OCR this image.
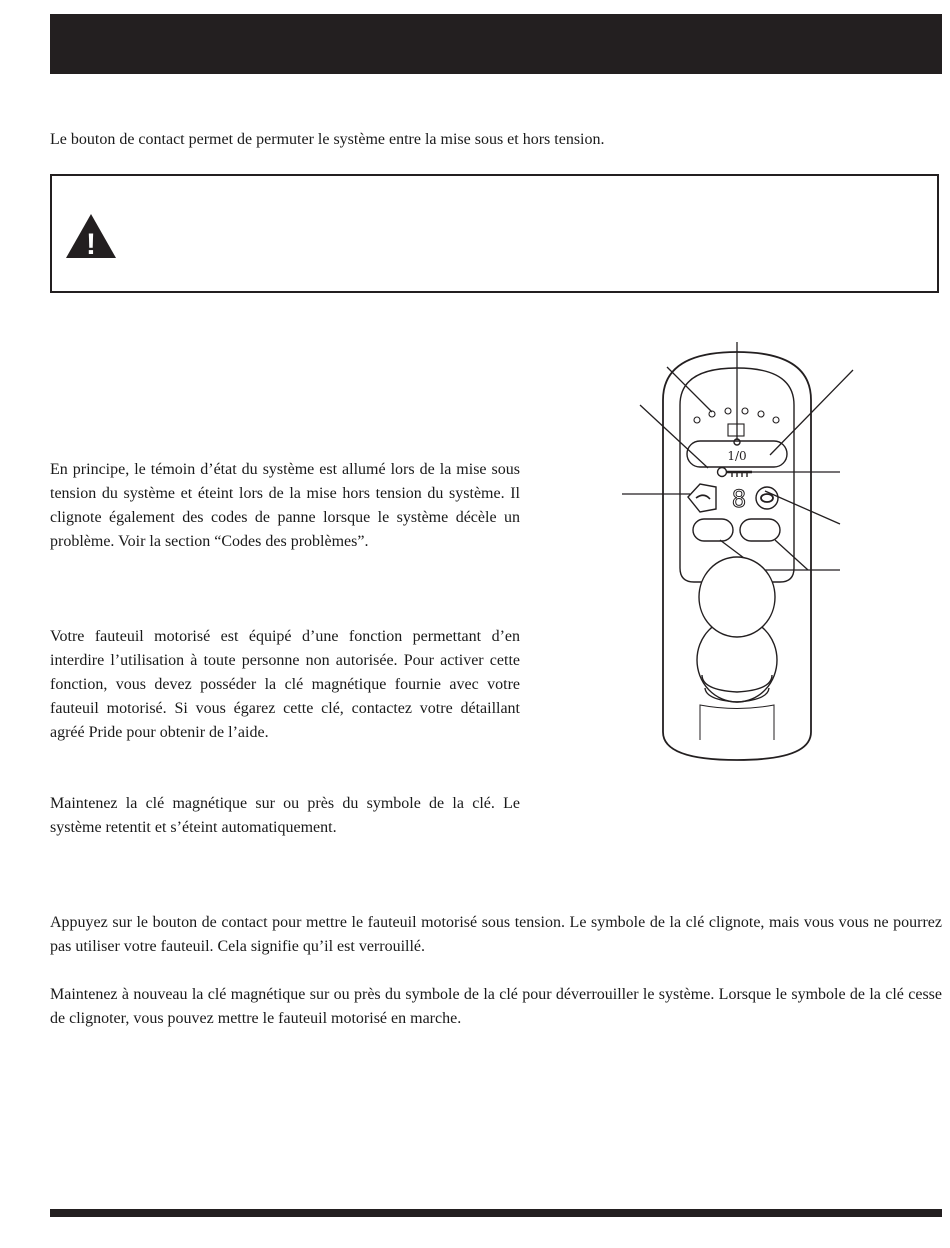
Le bouton de contact permet de permuter le système entre la mise sous et hors tension.

!

En principe, le témoin d’état du système est allumé lors de la mise sous tension du système et éteint lors de la mise hors tension du système. Il clignote également des codes de panne lorsque le système décèle un problème. Voir la section “Codes des problèmes”.

Votre fauteuil motorisé est équipé d’une fonction permettant d’en interdire l’utilisation à toute personne non autorisée. Pour activer cette fonction, vous devez posséder la clé magnétique fournie avec votre fauteuil motorisé. Si vous égarez cette clé, contactez votre détaillant agréé Pride pour obtenir de l’aide.

Maintenez la clé magnétique sur ou près du symbole de la clé. Le système retentit et s’éteint automatiquement.

Appuyez sur le bouton de contact pour mettre le fauteuil motorisé sous tension. Le symbole de la clé clignote, mais vous vous ne pourrez pas utiliser votre fauteuil. Cela signifie qu’il est verrouillé.

Maintenez à nouveau la clé magnétique sur ou près du symbole de la clé pour déverrouiller le système. Lorsque le symbole de la clé cesse de clignoter, vous pouvez mettre le fauteuil motorisé en marche.

1/0
8
